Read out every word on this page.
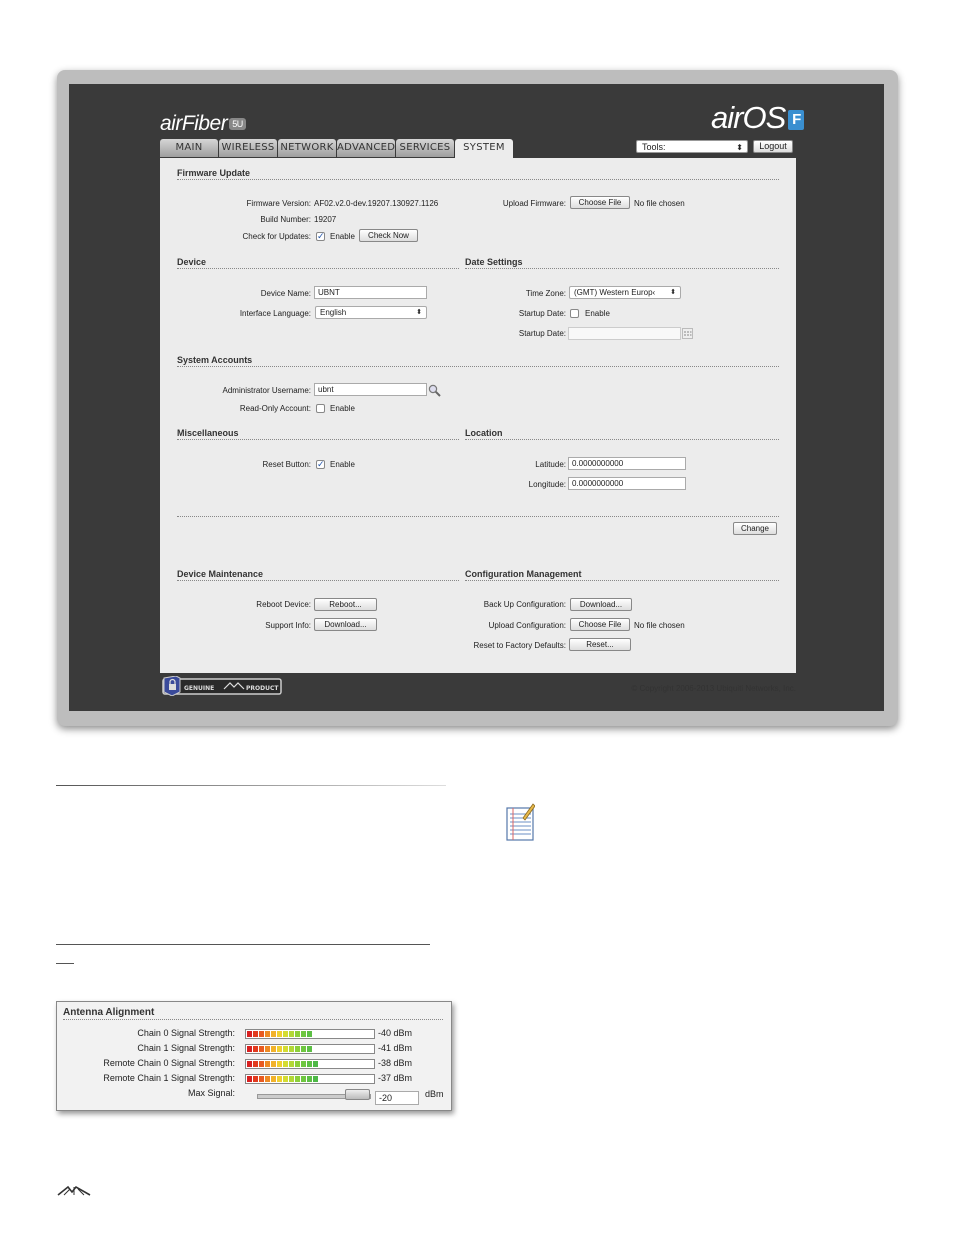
airFiber 5U	airOS F
MAIN	WIRELESS NETWORK ADVANCED SERVICES	SYSTEM	Tools:	⬍	Logout
Firmware Update
Firmware Version: AF02.v2.0-dev.19207.130927.1126
Build Number: 19207
Check for Updates: ✓ Enable	Check Now
Upload Firmware:	Choose File	No file chosen
Device
Device Name: UBNT
Interface Language:	English	⬍
Date Settings
Time Zone:	(GMT) Western Europ‹ ⬍
Startup Date: Enable
Startup Date:
System Accounts
Administrator Username: ubnt
Read-Only Account: Enable
Miscellaneous
Reset Button: ✓ Enable
Location
Latitude: 0.0000000000
Longitude: 0.0000000000
Change
Device Maintenance
Reboot Device:	Reboot...
Support Info:	Download...
Configuration Management
Back Up Configuration:	Download...
Upload Configuration:	Choose File	No file chosen
Reset to Factory Defaults:	Reset...
GENUINE	PRODUCT	© Copyright 2006-2013 Ubiquiti Networks, Inc.
Antenna Alignment
Chain 0 Signal Strength:	-40 dBm
Chain 1 Signal Strength:	-41 dBm
Remote Chain 0 Signal Strength:	-38 dBm
Remote Chain 1 Signal Strength:	-37 dBm
Max Signal:	-20	dBm
